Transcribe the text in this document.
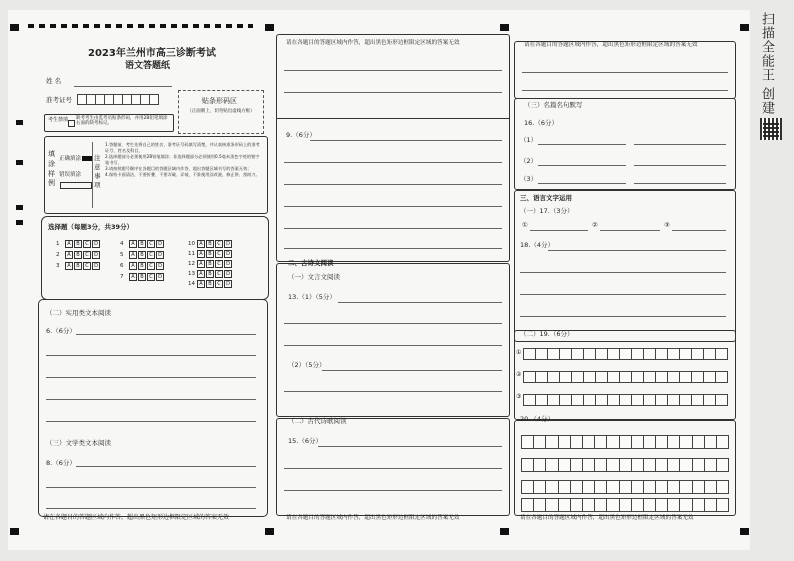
2023年兰州市高三诊断考试
语文答题纸
姓 名
准考证号
考生禁填 缺考考生由监考员贴条形码，并用2B铅笔填涂右面的缺考标记。
贴条形码区
（正面朝上，切勿贴出虚线方框）
填涂样例
正确填涂
错误填涂
注意事项
1.答题前，考生先将自己的姓名、准考证号码填写清楚，并认真核准条形码上的准考证号、姓名及科目，
2.选择题部分必须使用2B铅笔填涂；非选择题部分必须使用0.5毫米黑色字迹的签字笔书写，
3.请按照题号顺序在各题目的答题区域内作答，超出答题区域书写的答案无效；
4.保持卡面清洁，不要折叠、不要弄破、弄皱，不准使用涂改液、修正带、刮纸刀。
选择题（每题3分，共39分）
1 A B C D
2 A B C D
3 A B C D
4 A B C D
5 A B C D
6 A B C D
7 A B C D
10 A B C D
11 A B C D
12 A B C D
13 A B C D
14 A B C D
（二）实用类文本阅读
6.（6分）
（三）文学类文本阅读
8.（6分）
请在各题目的答题区域内作答，超出黑色矩形边框限定区域的答案无效
请在各题目的答题区域内作答，超出黑色矩形边框限定区域的答案无效
9.（6分）
二、古诗文阅读
（一）文言文阅读
13.（1）（5分）
（2）（5分）
（二）古代诗歌阅读
15.（6分）
请在各题目的答题区域内作答，超出黑色矩形边框限定区域的答案无效
请在各题目的答题区域内作答，超出黑色矩形边框限定区域的答案无效
（三）名篇名句默写
16.（6分）
（1）
（2）
（3）
三、语言文字运用
（一）17.（3分）
①	②	③
18.（4分）
（二）19.（6分）
①
②
③
20.（4分）
请在各题目的答题区域内作答，超出黑色矩形边框限定区域的答案无效
扫描全能王 创建
